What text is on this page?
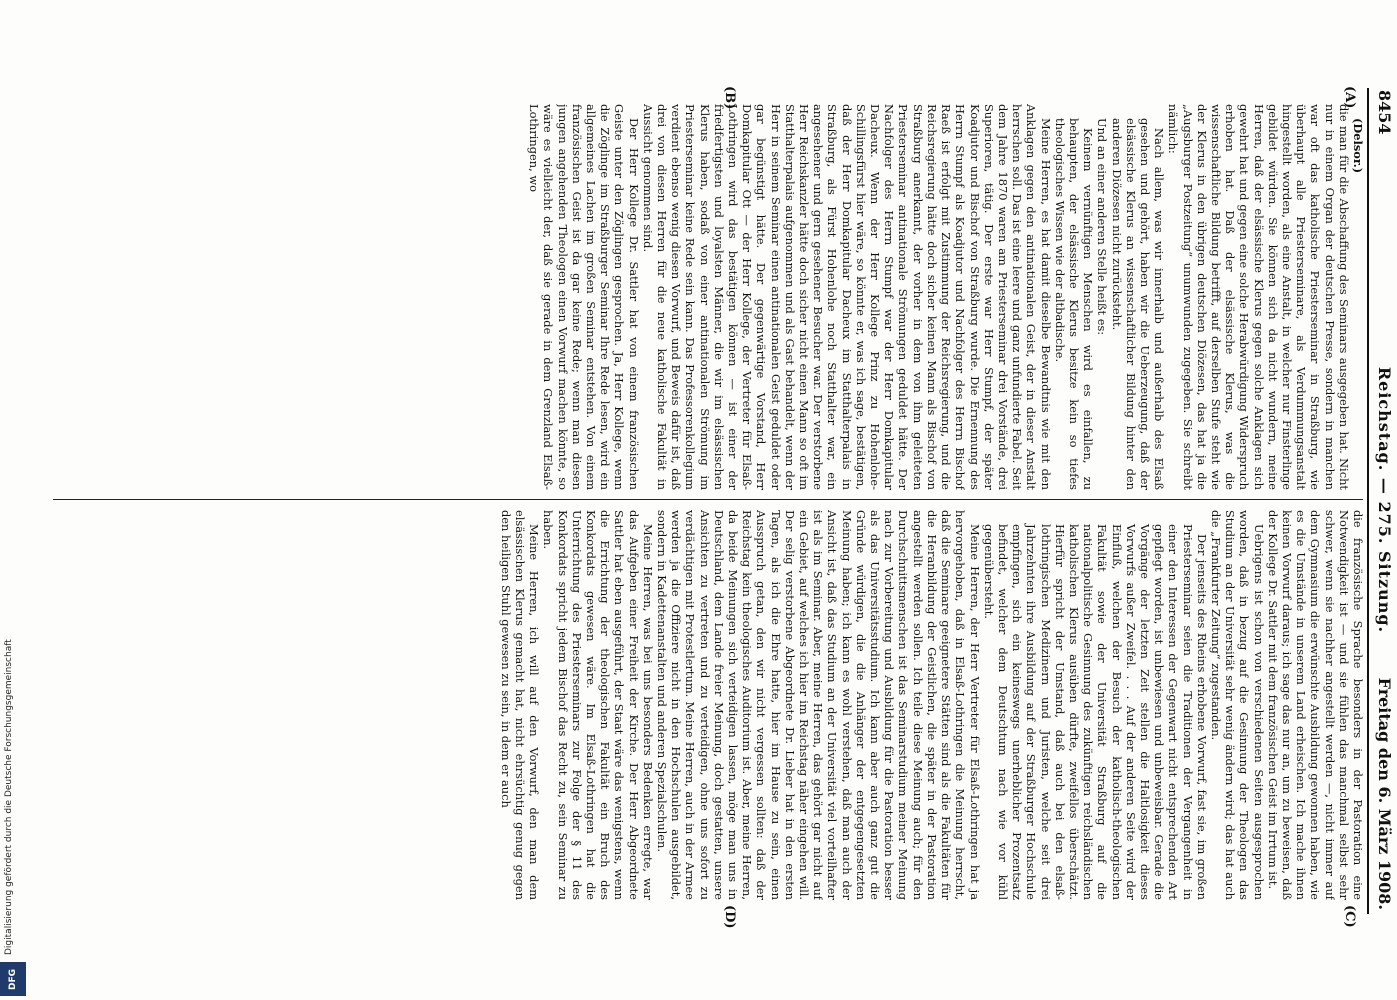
8454
Reichstag. — 275. Sitzung.
Freitag den 6. März 1908.
(A)
(B)
(C)
(D)

(Delsor.)

die man für die Abschaffung des Seminars ausgegeben hat. Nicht nur in einem Organ der deutschen Presse, sondern in manchen war oft das katholische Priesterseminar in Straßburg, wie überhaupt alle Priesterseminare, als Verdummungsanstalt hingestellt worden, als eine Anstalt, in welcher nur Finsterlinge gebildet würden. Sie können sich da nicht wundern, meine Herren, daß der elsässische Klerus gegen solche Anklagen sich gewehrt hat und gegen eine solche Herabwürdigung Widerspruch erhoben hat. Daß der elsässische Klerus, was die wissenschaftliche Bildung betrifft, auf derselben Stufe steht wie der Klerus in den übrigen deutschen Diözesen, das hat ja die „Augsburger Postzeitung“ unumwunden zugegeben. Sie schreibt nämlich:

Nach allem, was wir innerhalb und außerhalb des Elsaß gesehen und gehört, haben wir die Ueberzeugung, daß der elsässische Klerus an wissenschaftlicher Bildung hinter den anderen Diözesen nicht zurücksteht.

Und an einer anderen Stelle heißt es:

Keinem vernünftigen Menschen wird es einfallen, zu behaupten, der elsässische Klerus besitze kein so tiefes theologisches Wissen wie der altbadische.

Meine Herren, es hat damit dieselbe Bewandtnis wie mit den Anklagen gegen den antinationalen Geist, der in dieser Anstalt herrschen soll. Das ist eine leere und ganz unfundierte Fabel. Seit dem Jahre 1870 waren am Priesterseminar drei Vorstände, drei Superioren, tätig. Der erste war Herr Stumpf, der später Koadjutor und Bischof von Straßburg wurde. Die Ernennung des Herrn Stumpf als Koadjutor und Nachfolger des Herrn Bischof Raeß ist erfolgt mit Zustimmung der Reichsregierung, und die Reichsregierung hätte doch sicher keinen Mann als Bischof von Straßburg anerkannt, der vorher in dem von ihm geleiteten Priesterseminar antinationale Strömungen geduldet hätte. Der Nachfolger des Herrn Stumpf war der Herr Domkapitular Dacheux. Wenn der Herr Kollege Prinz zu Hohenlohe-Schillingsfürst hier wäre, so könnte er, was ich sage, bestätigen, daß der Herr Domkapitular Dacheux im Statthalterpalais in Straßburg, als Fürst Hohenlohe noch Statthalter war, ein angesehener und gern gesehener Besucher war. Der verstorbene Herr Reichskanzler hätte doch sicher nicht einen Mann so oft im Statthalterpalais aufgenommen und als Gast behandelt, wenn der Herr in seinem Seminar einen antinationalen Geist geduldet oder gar begünstigt hätte. Der gegenwärtige Vorstand, Herr Domkapitular Ott — der Herr Kollege, der Vertreter für Elsaß-Lothringen wird das bestätigen können — ist einer der friedfertigsten und loyalsten Männer, die wir im elsässischen Klerus haben, sodaß von einer antinationalen Strömung im Priesterseminar keine Rede sein kann. Das Professorenkollegium verdient ebenso wenig diesen Vorwurf, und Beweis dafür ist, daß drei von diesen Herren für die neue katholische Fakultät in Aussicht genommen sind.

Der Herr Kollege Dr. Sattler hat von einem französischen Geiste unter den Zöglingen gesprochen. Ja, Herr Kollege, wenn die Zöglinge im Straßburger Seminar Ihre Rede lesen, wird ein allgemeines Lachen im großen Seminar entstehen. Von einem französischen Geist ist da gar keine Rede; wenn man diesen jungen angehenden Theologen einen Vorwurf machen könnte, so wäre es vielleicht der, daß sie gerade in dem Grenzland Elsaß-Lothringen, wo

die französische Sprache besonders in der Pastoration eine Notwendigkeit ist — und sie fühlen das manchmal selbst sehr schwer, wenn sie nachher angestellt werden —, nicht immer auf dem Gymnasium die erwünschte Ausbildung gewonnen haben, wie es die Umstände in unserem Land erheischen. Ich mache ihnen keinen Vorwurf daraus; ich sage das nur an, um zu beweisen, daß der Kollege Dr. Sattler mit dem französischen Geist im Irrtum ist.

Uebrigens ist schon von verschiedenen Seiten ausgesprochen worden, daß in bezug auf die Gesinnung der Theologen das Studium an der Universität sehr wenig ändern wird; das hat auch die „Frankfurter Zeitung“ zugestanden.

Der jenseits des Rheins erhobene Vorwurf, fast sie, im großen Priesterseminar seien die Traditionen der Vergangenheit in einer den Interessen der Gegenwart nicht entsprechenden Art gepflegt worden, ist unbewiesen und unbeweisbar. Gerade die Vorgänge der letzten Zeit stellen die Haltlosigkeit dieses Vorwurfs außer Zweifel. . . . Auf der anderen Seite wird der Einfluß, welchen der Besuch der katholisch-theologischen Fakultät sowie der Universität Straßburg auf die nationalpolitische Gesinnung des zukünftigen reichsländischen katholischen Klerus ausüben dürfte, zweifellos überschätzt. Hierfür spricht der Umstand, daß auch bei den elsaß-lothringischen Medizinern und Juristen, welche seit drei Jahrzehnten ihre Ausbildung auf der Straßburger Hochschule empfingen, sich ein keineswegs unerheblicher Prozentsatz befindet, welcher dem Deutschtum nach wie vor kühl gegenübersteht.

Meine Herren, der Herr Vertreter für Elsaß-Lothringen hat ja hervorgehoben, daß in Elsaß-Lothringen die Meinung herrscht, daß die Seminare geeignetere Stätten sind als die Fakultäten für die Heranbildung der Geistlichen, die später in der Pastoration angestellt werden sollen. Ich teile diese Meinung auch; für den Durchschnittsmenschen ist das Seminarstudium meiner Meinung nach zur Vorbereitung und Ausbildung für die Pastoration besser als das Universitätsstudium. Ich kann aber auch ganz gut die Gründe würdigen, die die Anhänger der entgegengesetzten Meinung haben; ich kann es wohl verstehen, daß man auch der Ansicht ist, daß das Studium an der Universität viel vorteilhafter ist als im Seminar. Aber, meine Herren, das gehört gar nicht auf ein Gebiet, auf welches ich hier im Reichstag näher eingehen will. Der selig verstorbene Abgeordnete Dr. Lieber hat in den ersten Tagen, als ich die Ehre hatte, hier im Hause zu sein, einen Ausspruch getan, den wir nicht vergessen sollten: daß der Reichstag kein theologisches Auditorium ist. Aber, meine Herren, da beide Meinungen sich verteidigen lassen, möge man uns in Deutschland, dem Lande freier Meinung, doch gestatten, unsere Ansichten zu vertreten und zu verteidigen, ohne uns sofort zu verdächtigen mit Protestlertum. Meine Herren, auch in der Armee werden ja die Offiziere nicht in den Hochschulen ausgebildet, sondern in Kadettenanstalten und anderen Spezialschulen.

Meine Herren, was bei uns besonders Bedenken erregte, war das Aufgeben einer Freiheit der Kirche. Der Herr Abgeordnete Sattler hat eben ausgeführt, der Staat wäre das wenigstens, wenn die Errichtung der theologischen Fakultät ein Bruch des Konkordats gewesen wäre. Im Elsaß-Lothringen hat die Unterrichtung des Priesterseminars zur Folge der § 11 des Konkordats spricht jedem Bischof das Recht zu, sein Seminar zu haben.

Meine Herren, ich will auf den Vorwurf, den man dem elsässischen Klerus gemacht hat, nicht ehrsüchtig genug gegen den heiligen Stuhl gewesen zu sein, in dem er auch

Digitalisierung gefördert durch die Deutsche Forschungsgemeinschaft
DFG
